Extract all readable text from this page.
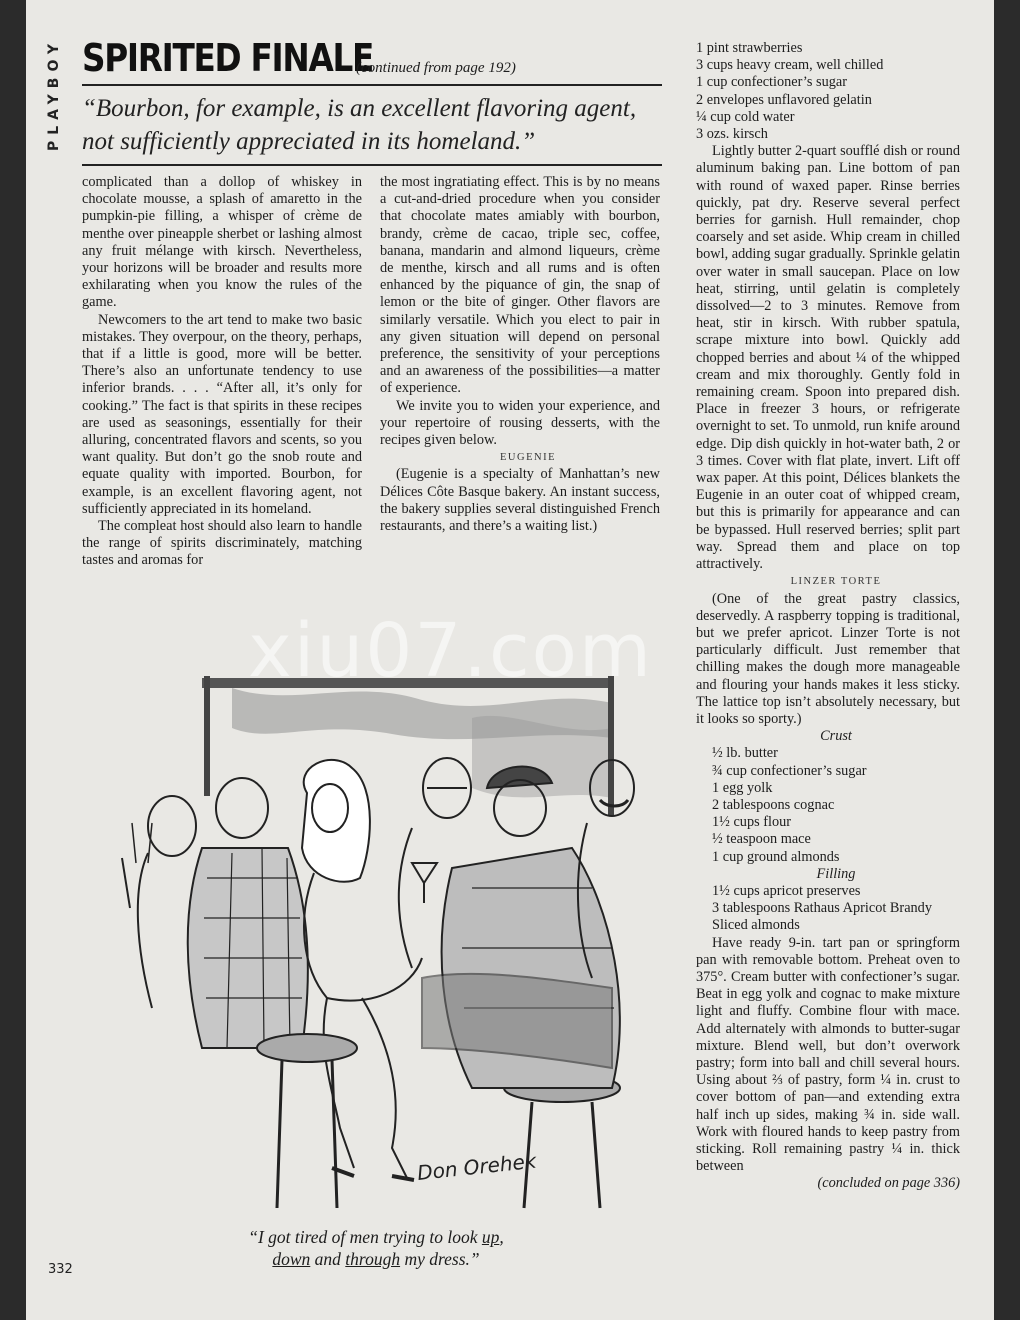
PLAYBOY SPIRITED FINALE
(continued from page 192)
“Bourbon, for example, is an excellent flavoring agent, not sufficiently appreciated in its homeland.”

complicated than a dollop of whiskey in chocolate mousse, a splash of amaretto in the pumpkin-pie filling, a whisper of crème de menthe over pineapple sherbet or lashing almost any fruit mélange with kirsch. Nevertheless, your horizons will be broader and results more exhilarating when you know the rules of the game.

Newcomers to the art tend to make two basic mistakes. They overpour, on the theory, perhaps, that if a little is good, more will be better. There’s also an unfortunate tendency to use inferior brands. . . . “After all, it’s only for cooking.” The fact is that spirits in these recipes are used as seasonings, essentially for their alluring, concentrated flavors and scents, so you want quality. But don’t go the snob route and equate quality with imported. Bourbon, for example, is an excellent flavoring agent, not sufficiently appreciated in its homeland.

The compleat host should also learn to handle the range of spirits discriminately, matching tastes and aromas for

the most ingratiating effect. This is by no means a cut-and-dried procedure when you consider that chocolate mates amiably with bourbon, brandy, crème de cacao, triple sec, coffee, banana, mandarin and almond liqueurs, crème de menthe, kirsch and all rums and is often enhanced by the piquance of gin, the snap of lemon or the bite of ginger. Other flavors are similarly versatile. Which you elect to pair in any given situation will depend on personal preference, the sensitivity of your perceptions and an awareness of the possibilities—a matter of experience.

We invite you to widen your experience, and your repertoire of rousing desserts, with the recipes given below.

EUGENIE

(Eugenie is a specialty of Manhattan’s new Délices Côte Basque bakery. An instant success, the bakery supplies several distinguished French restaurants, and there’s a waiting list.)

1 pint strawberries

3 cups heavy cream, well chilled

1 cup confectioner’s sugar

2 envelopes unflavored gelatin

¼ cup cold water

3 ozs. kirsch

Lightly butter 2-quart soufflé dish or round aluminum baking pan. Line bottom of pan with round of waxed paper. Rinse berries quickly, pat dry. Reserve several perfect berries for garnish. Hull remainder, chop coarsely and set aside. Whip cream in chilled bowl, adding sugar gradually. Sprinkle gelatin over water in small saucepan. Place on low heat, stirring, until gelatin is completely dissolved—2 to 3 minutes. Remove from heat, stir in kirsch. With rubber spatula, scrape mixture into bowl. Quickly add chopped berries and about ¼ of the whipped cream and mix thoroughly. Gently fold in remaining cream. Spoon into prepared dish. Place in freezer 3 hours, or refrigerate overnight to set. To unmold, run knife around edge. Dip dish quickly in hot-water bath, 2 or 3 times. Cover with flat plate, invert. Lift off wax paper. At this point, Délices blankets the Eugenie in an outer coat of whipped cream, but this is primarily for appearance and can be bypassed. Hull reserved berries; split part way. Spread them and place on top attractively.

LINZER TORTE

(One of the great pastry classics, deservedly. A raspberry topping is traditional, but we prefer apricot. Linzer Torte is not particularly difficult. Just remember that chilling makes the dough more manageable and flouring your hands makes it less sticky. The lattice top isn’t absolutely necessary, but it looks so sporty.)

Crust

½ lb. butter

¾ cup confectioner’s sugar

1 egg yolk

2 tablespoons cognac

1½ cups flour

½ teaspoon mace

1 cup ground almonds

Filling

1½ cups apricot preserves

3 tablespoons Rathaus Apricot Brandy

Sliced almonds

Have ready 9-in. tart pan or springform pan with removable bottom. Preheat oven to 375°. Cream butter with confectioner’s sugar. Beat in egg yolk and cognac to make mixture light and fluffy. Combine flour with mace. Add alternately with almonds to butter-sugar mixture. Blend well, but don’t overwork pastry; form into ball and chill several hours. Using about ⅔ of pastry, form ¼ in. crust to cover bottom of pan—and extending extra half inch up sides, making ¾ in. side wall. Work with floured hands to keep pastry from sticking. Roll remaining pastry ¼ in. thick between

(concluded on page 336)

Don Orehek
xiu07.com
“I got tired of men trying to look up,
down and through my dress.”
332
